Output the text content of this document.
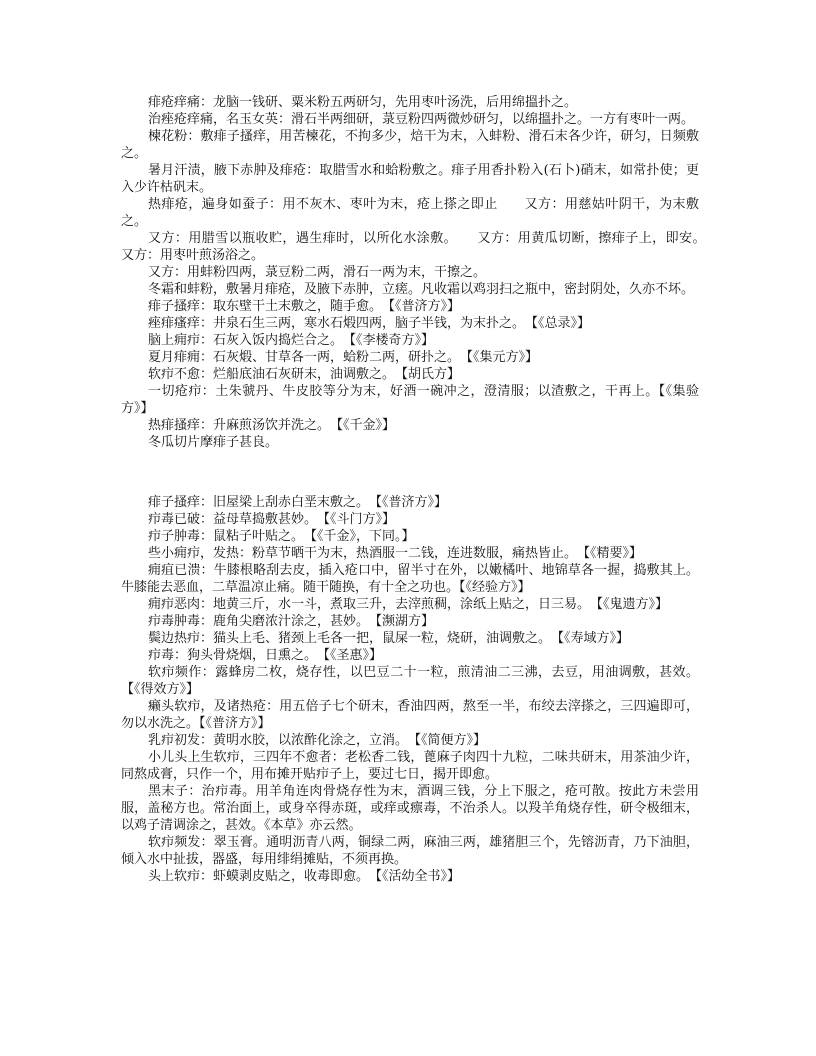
痱疮痒痛：龙脑一钱研、粟米粉五两研匀，先用枣叶汤洗，后用绵搵扑之。

治痤疮痒痛，名玉女英：滑石半两细研，菉豆粉四两微炒研匀，以绵搵扑之。一方有枣叶一两。

楝花粉：敷痱子搔痒，用苦楝花，不拘多少，焙干为末，入蚌粉、滑石末各少许，研匀，日频敷之。

暑月汗渍，腋下赤肿及痱疮：取腊雪水和蛤粉敷之。痱子用香扑粉入(石卜)硝末，如常扑使；更入少许枯矾末。

热痱疮，遍身如蚕子：用不灰木、枣叶为末，疮上搽之即止　　又方：用慈姑叶阴干，为末敷之。

又方：用腊雪以瓶收贮，遇生痱时，以所化水涂敷。　　又方：用黄瓜切断，擦痱子上，即安。　　又方：用枣叶煎汤浴之。

又方：用蚌粉四两，菉豆粉二两，滑石一两为末，干擦之。

冬霜和蚌粉，敷暑月痱疮，及腋下赤肿，立瘥。凡收霜以鸡羽扫之瓶中，密封阴处，久亦不坏。

痱子搔痒：取东壁干土末敷之，随手愈。　【《普济方》】

痤痱瘙痒：井泉石生三两，寒水石煅四两，脑子半钱，为末扑之。　【《总录》】

脑上痈疖：石灰入饭内捣烂合之。　【《李楼奇方》】

夏月痱痈：石灰煅、甘草各一两，蛤粉二两，研扑之。　【《集元方》】

软疖不愈：烂船底油石灰研末，油调敷之。　【胡氏方】

一切疮疖：土朱虢丹、牛皮胶等分为末，好酒一碗冲之，澄清服；以渣敷之，干再上。【《集验方》】

热痱搔痒：升麻煎汤饮并洗之。　【《千金》】

冬瓜切片摩痱子甚良。

痱子搔痒：旧屋梁上刮赤白垩末敷之。　【《普济方》】

疖毒已破：益母草捣敷甚妙。　【《斗门方》】

疖子肿毒：鼠粘子叶贴之。　【《千金》，下同。】

些小痈疖，发热：粉草节晒干为末，热酒服一二钱，连进数服，痛热皆止。　【《精要》】

痈疽已溃：牛膝根略刮去皮，插入疮口中，留半寸在外，以嫩橘叶、地锦草各一握，捣敷其上。牛膝能去恶血，二草温凉止痛。随干随换，有十全之功也。【《经验方》】

痈疖恶肉：地黄三斤，水一斗，煮取三升，去滓煎稠，涂纸上贴之，日三易。　【《鬼遗方》】

疖毒肿毒：鹿角尖磨浓汁涂之，甚妙。　【濒湖方】

鬓边热疖：猫头上毛、猪颈上毛各一把，鼠屎一粒，烧研，油调敷之。　【《寿域方》】

疖毒：狗头骨烧烟，日熏之。　【《圣惠》】

软疖频作：露蜂房二枚，烧存性，以巴豆二十一粒，煎清油二三沸，去豆，用油调敷，甚效。【《得效方》】

癞头软疖，及诸热疮：用五倍子七个研末，香油四两，熬至一半，布绞去滓搽之，三四遍即可，勿以水洗之。【《普济方》】

乳疖初发：黄明水胶，以浓酢化涂之，立消。　【《简便方》】

小儿头上生软疖，三四年不愈者：老松香二钱，蓖麻子肉四十九粒，二味共研末，用茶油少许，同熬成膏，只作一个，用布摊开贴疖子上，要过七日，揭开即愈。

黑末子：治疖毒。用羊角连肉骨烧存性为末，酒调三钱，分上下服之，疮可散。按此方未尝用服，盖秘方也。常治面上，或身卒得赤斑，或痒或瘭毒，不治杀人。以羖羊角烧存性，研令极细末，以鸡子清调涂之，甚效。《本草》亦云然。

软疖频发：翠玉膏。通明沥青八两，铜绿二两，麻油三两，雄猪胆三个，先镕沥青，乃下油胆，倾入水中扯拔，器盛，每用绯绢摊贴，不须再换。

头上软疖：虾蟆剥皮贴之，收毒即愈。　【《活幼全书》】
